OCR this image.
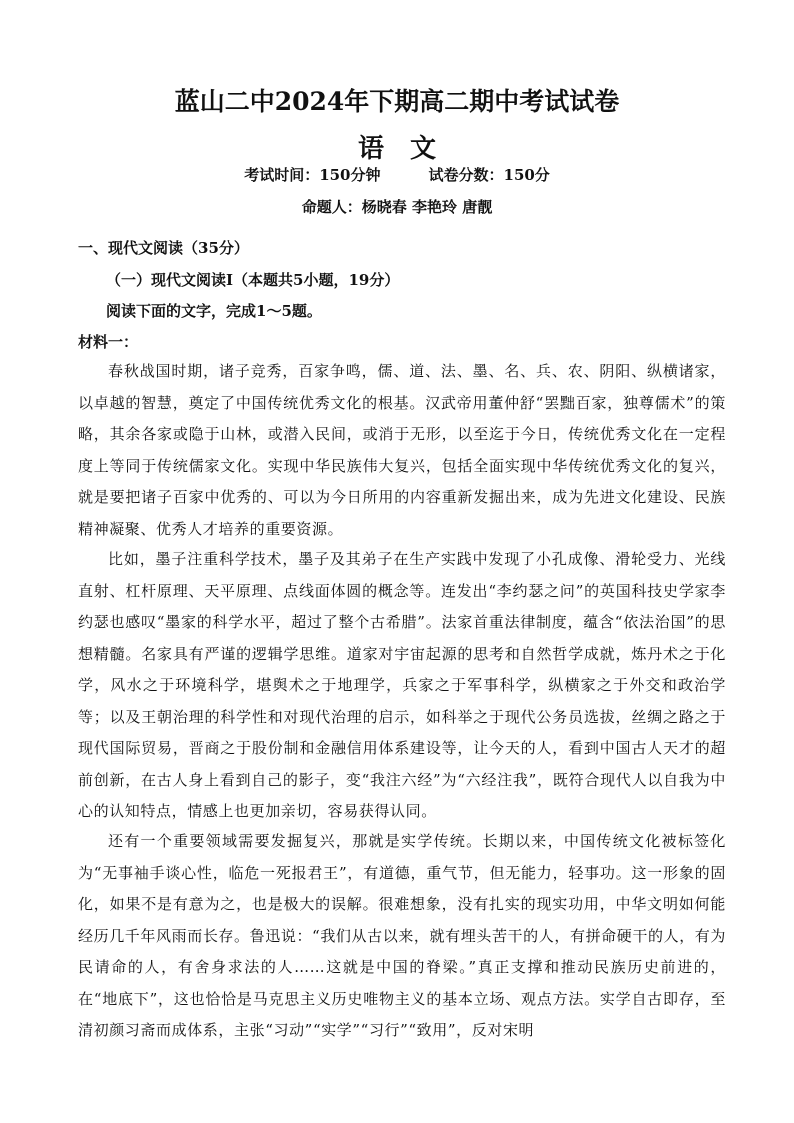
蓝山二中2024年下期高二期中考试试卷
语　文
考试时间：150分钟	试卷分数：150分
命题人：杨晓春 李艳玲 唐靓
一、现代文阅读（35分）
（一）现代文阅读Ⅰ（本题共5小题，19分）
阅读下面的文字，完成1～5题。
材料一：
春秋战国时期，诸子竞秀，百家争鸣，儒、道、法、墨、名、兵、农、阴阳、纵横诸家，以卓越的智慧，奠定了中国传统优秀文化的根基。汉武帝用董仲舒“罢黜百家，独尊儒术”的策略，其余各家或隐于山林，或潜入民间，或消于无形，以至迄于今日，传统优秀文化在一定程度上等同于传统儒家文化。实现中华民族伟大复兴，包括全面实现中华传统优秀文化的复兴，就是要把诸子百家中优秀的、可以为今日所用的内容重新发掘出来，成为先进文化建设、民族精神凝聚、优秀人才培养的重要资源。
比如，墨子注重科学技术，墨子及其弟子在生产实践中发现了小孔成像、滑轮受力、光线直射、杠杆原理、天平原理、点线面体圆的概念等。连发出“李约瑟之问”的英国科技史学家李约瑟也感叹“墨家的科学水平，超过了整个古希腊”。法家首重法律制度，蕴含“依法治国”的思想精髓。名家具有严谨的逻辑学思维。道家对宇宙起源的思考和自然哲学成就，炼丹术之于化学，风水之于环境科学，堪舆术之于地理学，兵家之于军事科学，纵横家之于外交和政治学等；以及王朝治理的科学性和对现代治理的启示，如科举之于现代公务员选拔，丝绸之路之于现代国际贸易，晋商之于股份制和金融信用体系建设等，让今天的人，看到中国古人天才的超前创新，在古人身上看到自己的影子，变“我注六经”为“六经注我”，既符合现代人以自我为中心的认知特点，情感上也更加亲切，容易获得认同。
还有一个重要领域需要发掘复兴，那就是实学传统。长期以来，中国传统文化被标签化为“无事袖手谈心性，临危一死报君王”，有道德，重气节，但无能力，轻事功。这一形象的固化，如果不是有意为之，也是极大的误解。很难想象，没有扎实的现实功用，中华文明如何能经历几千年风雨而长存。鲁迅说：“我们从古以来，就有埋头苦干的人，有拼命硬干的人，有为民请命的人，有舍身求法的人……这就是中国的脊梁。”真正支撑和推动民族历史前进的，在“地底下”，这也恰恰是马克思主义历史唯物主义的基本立场、观点方法。实学自古即存，至清初颜习斋而成体系，主张“习动”“实学”“习行”“致用”，反对宋明
